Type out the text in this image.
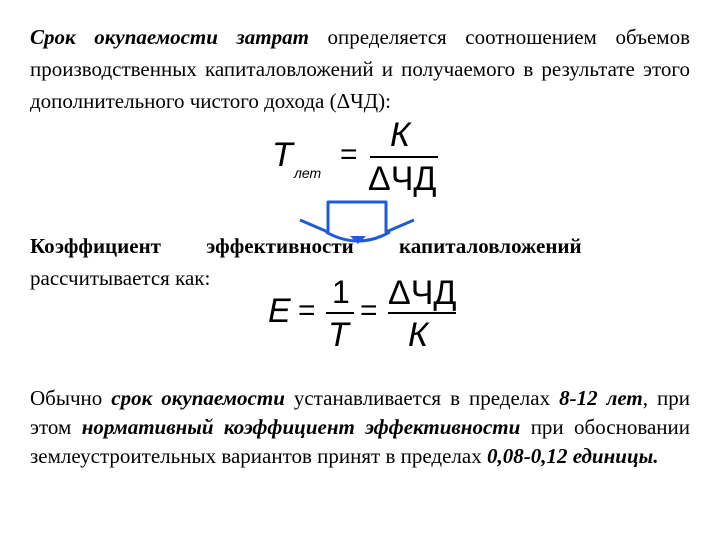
Срок окупаемости затрат определяется соотношением объемов производственных капиталовложений и получаемого в результате этого дополнительного чистого дохода (ΔЧД):
T лет
=
К
ΔЧД
Коэффициент эффективности капиталовложений
рассчитывается как:
E =
1
T
= ΔЧД
К
Обычно срок окупаемости устанавливается в пределах 8-12 лет, при этом нормативный коэффициент эффективности при обосновании землеустроительных вариантов принят в пределах 0,08-0,12 единицы.
